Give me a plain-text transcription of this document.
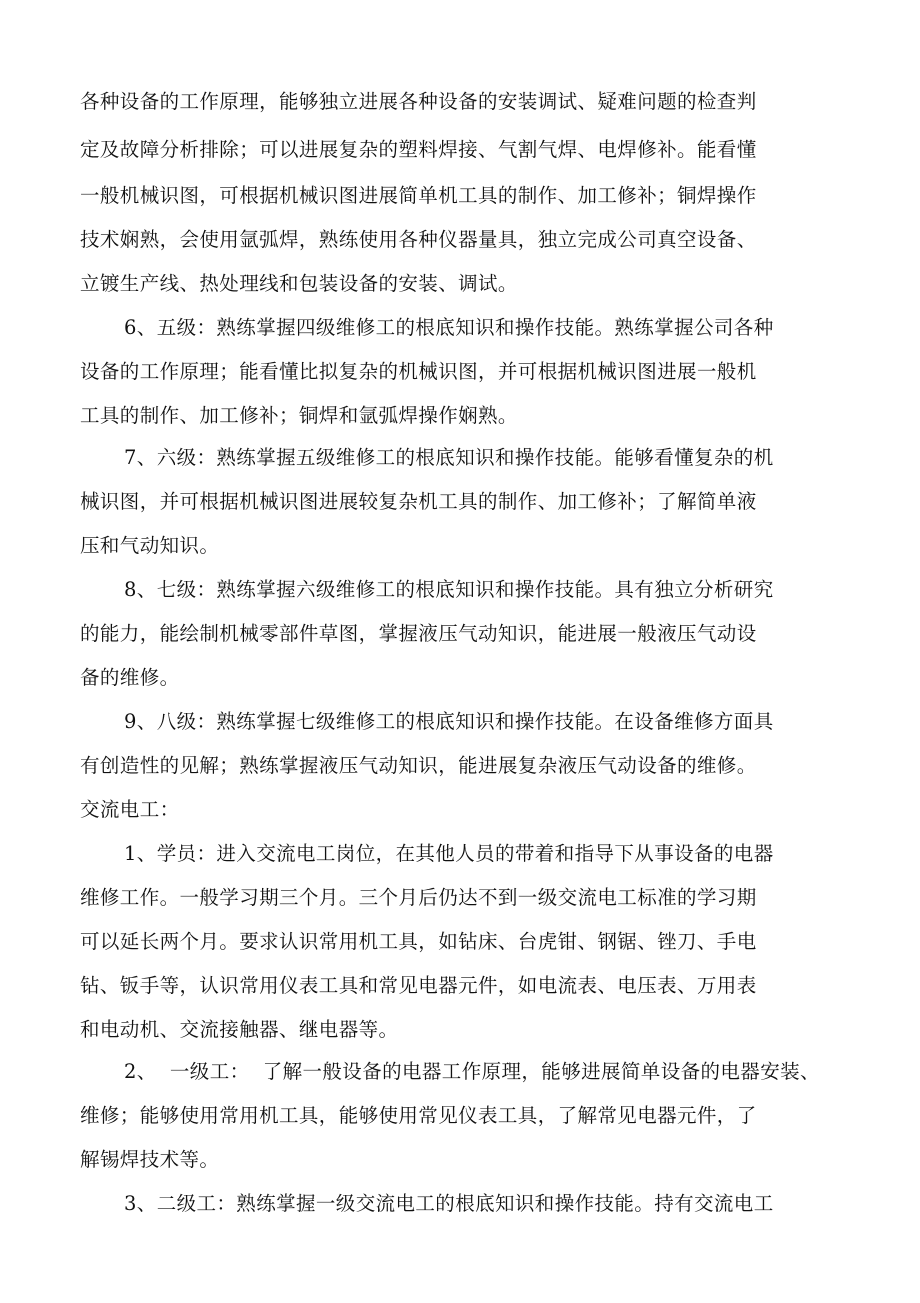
各种设备的工作原理，能够独立进展各种设备的安装调试、疑难问题的检查判
定及故障分析排除；可以进展复杂的塑料焊接、气割气焊、电焊修补。能看懂
一般机械识图，可根据机械识图进展简单机工具的制作、加工修补；铜焊操作
技术娴熟，会使用氩弧焊，熟练使用各种仪器量具，独立完成公司真空设备、
立镀生产线、热处理线和包装设备的安装、调试。
6、五级：熟练掌握四级维修工的根底知识和操作技能。熟练掌握公司各种
设备的工作原理；能看懂比拟复杂的机械识图，并可根据机械识图进展一般机
工具的制作、加工修补；铜焊和氩弧焊操作娴熟。
7、六级：熟练掌握五级维修工的根底知识和操作技能。能够看懂复杂的机
械识图，并可根据机械识图进展较复杂机工具的制作、加工修补；了解简单液
压和气动知识。
8、七级：熟练掌握六级维修工的根底知识和操作技能。具有独立分析研究
的能力，能绘制机械零部件草图，掌握液压气动知识，能进展一般液压气动设
备的维修。
9、八级：熟练掌握七级维修工的根底知识和操作技能。在设备维修方面具
有创造性的见解；熟练掌握液压气动知识，能进展复杂液压气动设备的维修。
交流电工：
1、学员：进入交流电工岗位，在其他人员的带着和指导下从事设备的电器
维修工作。一般学习期三个月。三个月后仍达不到一级交流电工标准的学习期
可以延长两个月。要求认识常用机工具，如钻床、台虎钳、钢锯、锉刀、手电
钻、钣手等，认识常用仪表工具和常见电器元件，如电流表、电压表、万用表
和电动机、交流接触器、继电器等。
2、  一级工：  了解一般设备的电器工作原理，能够进展简单设备的电器安装、
维修；能够使用常用机工具，能够使用常见仪表工具，了解常见电器元件，了
解锡焊技术等。
3、二级工：熟练掌握一级交流电工的根底知识和操作技能。持有交流电工
